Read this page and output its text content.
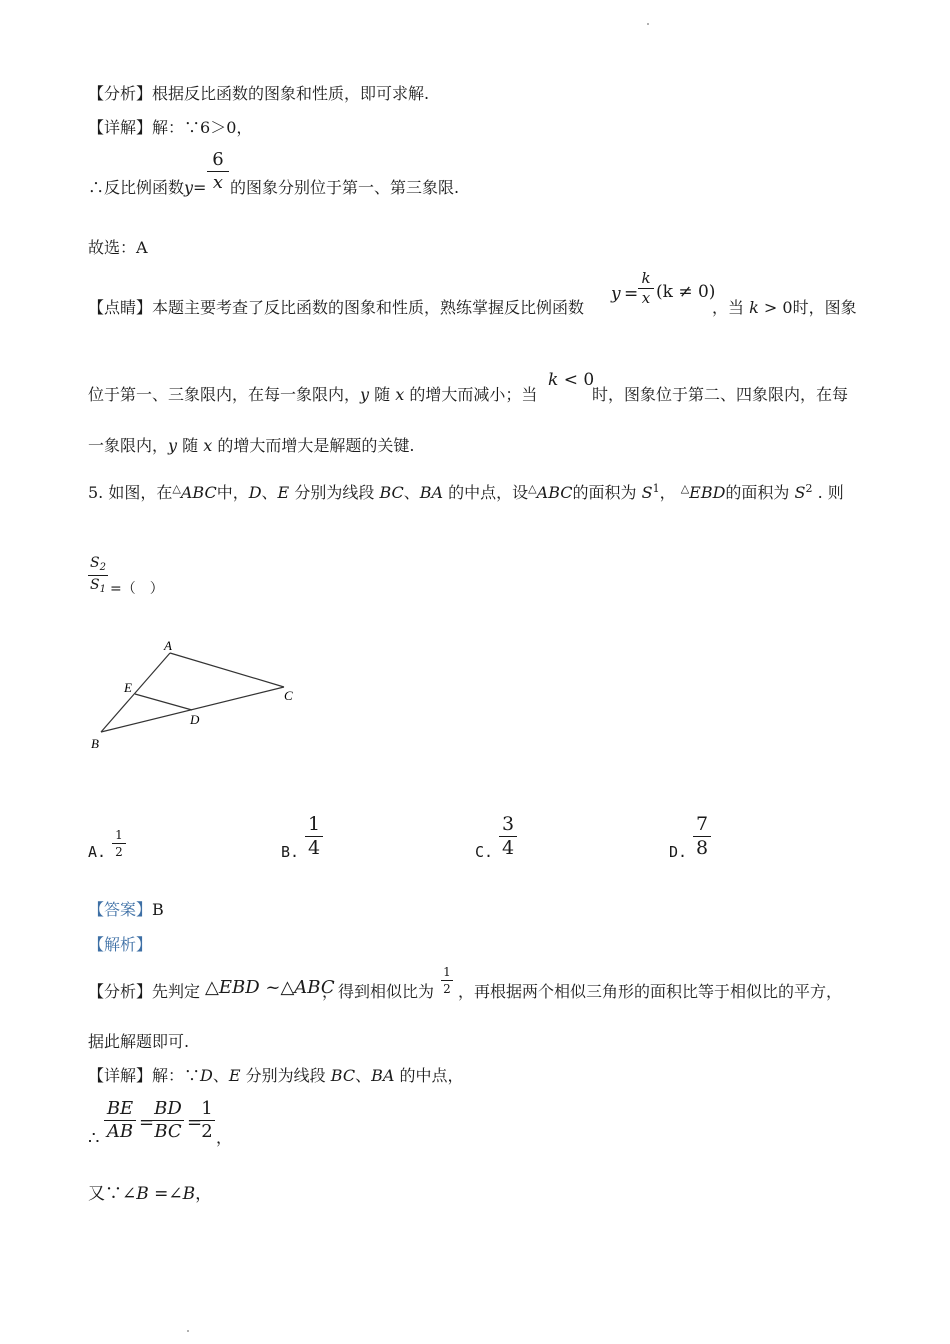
【分析】根据反比函数的图象和性质，即可求解.
【详解】解：∵6＞0，
$\frac{6}{x}$
∴反比例函数y= 的图象分别位于第一、第三象限.
故选：A
【点睛】本题主要考查了反比函数的图象和性质，熟练掌握反比例函数
$y = \frac{k}{x} (k \ne 0)$
，当 k > 0时，图象
位于第一、三象限内，在每一象限内，y 随 x 的增大而减小；当
k < 0
时，图象位于第二、四象限内，在每
一象限内，y 随 x 的增大而增大是解题的关键.
5. 如图，在△ABC中，D、E 分别为线段 BC、BA 的中点，设△ABC的面积为 $S^1$， △EBD的面积为 $S^2$ . 则
$\frac{S_2}{S_1}$ =（　）
A
B
C
D
E
A. $\frac{1}{2}$	B. $\frac{1}{4}$	C. $\frac{3}{4}$	D. $\frac{7}{8}$
【答案】B
【解析】
【分析】先判定 △EBD ~△ABC
，得到相似比为 $\frac{1}{2}$ ，再根据两个相似三角形的面积比等于相似比的平方，
据此解题即可.
【详解】解：∵D、E 分别为线段 BC、BA 的中点，
∴ $\frac{BE}{AB}$ =
$\frac{BD}{BC}$ =
$\frac{1}{2}$ ，
又∵∠B =∠B，
